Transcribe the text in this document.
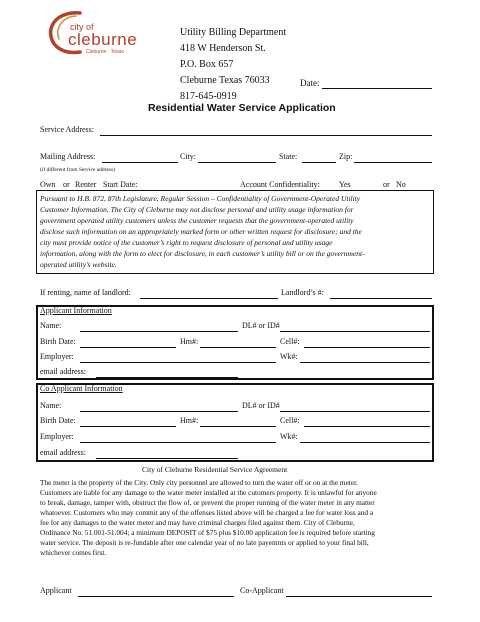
city of
cleburne
Cleburne · Texas
Utility Billing Department
418 W Henderson St.
P.O. Box 657
Cleburne Texas 76033
817-645-0919
Date:
Residential Water Service Application
Service Address:
Mailing Address:	City:	State:	Zip:
(if different from Service address)
Own or Renter Start Date:	Account Confidentiality: Yes	or No
Pursuant to H.B. 872, 87th Legislature, Regular Session – Confidentiality of Government-Operated Utility
Customer Information, The City of Cleburne may not disclose personal and utility usage information for
government operated utility customers unless the customer requests that the government-operated utility
disclose such information on an appropriately marked form or other written request for disclosure; and the
city must provide notice of the customer’s right to request disclosure of personal and utility usage
information, along with the form to elect for disclosure, in each customer’s utility bill or on the government-
operated utility’s website.
If renting, name of landlord:	Landlord’s #:
Applicant Information
Name:	DL# or ID#
Birth Date:	Hm#:	Cell#:
Employer:	Wk#:
email address:
Co Applicant Information
Name:	DL# or ID#
Birth Date:	Hm#:	Cell#:
Employer:	Wk#:
email address:
City of Cleburne Residential Service Agreement
The meter is the property of the City. Only city personnel are allowed to turn the water off or on at the meter.
Customers are liable for any damage to the water meter installed at the cutomers property. It is unlawful for anyone
to break, damage, tamper with, obstruct the flow of, or prevent the proper running of the water meter in any matter
whatoever. Customers who may commit any of the offenses listed above will be charged a fee for water loss and a
fee for any damages to the water meter and may have criminal charges filed against them. City of Cleburne,
Ordinance No. 51.001-51.004; a minimum DEPOSIT of $75 plus $10.00 application fee is required before starting
water service. The deposit is re-fundable after one calendar year of no late payemnts or applied to your final bill,
whichever comes first.
Applicant	Co-Applicant
